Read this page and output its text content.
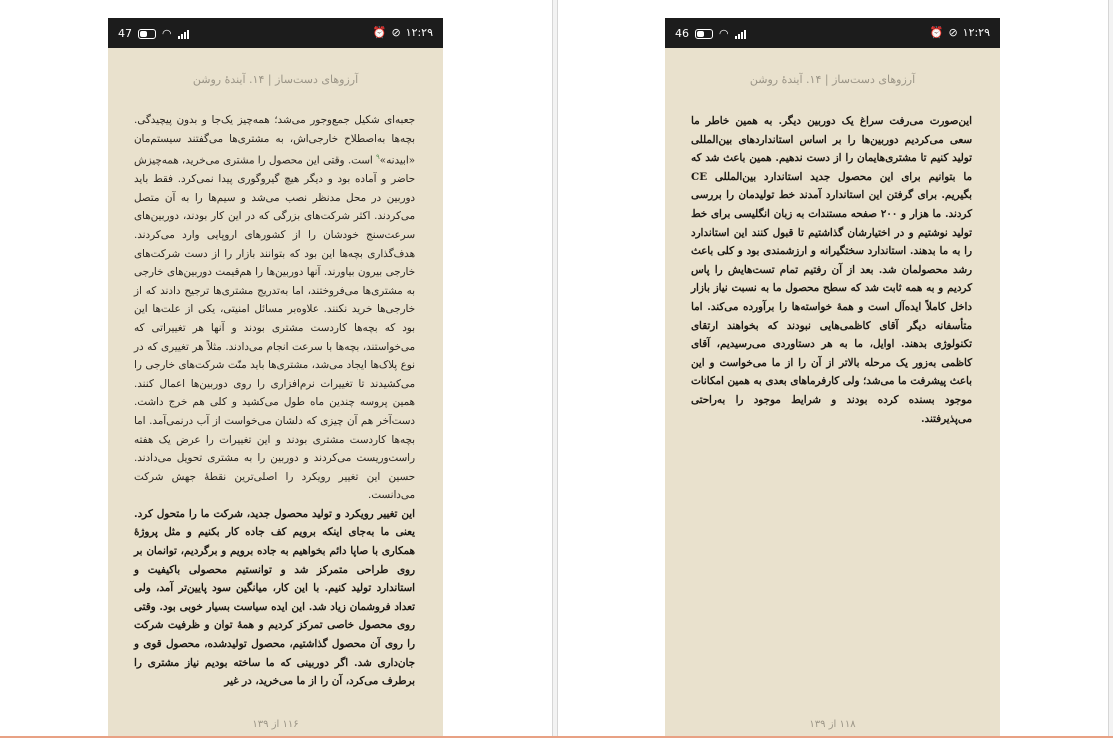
47	◠	⏰ ⊘ ۱۲:۲۹
آرزوهای دست‌ساز | ۱۴. آینده‌ٔ روشن

جعبه‌ای شکیل جمع‌وجور می‌شد؛ همه‌چیز یک‌جا و بدون پیچیدگی. بچه‌ها به‌اصطلاح خارجی‌اش، به مشتری‌ها می‌گفتند سیستم‌مان «ابیدنه»$^۹$ است. وقتی این محصول را مشتری می‌خرید، همه‌چیزش حاضر و آماده بود و دیگر هیچ گیروگوری پیدا نمی‌کرد. فقط باید دوربین در محل مدنظر نصب می‌شد و سیم‌ها را به آن متصل می‌کردند. اکثر شرکت‌های بزرگی که در این کار بودند، دوربین‌های سرعت‌سنج خودشان را از کشورهای اروپایی وارد می‌کردند. هدف‌گذاری بچه‌ها این بود که بتوانند بازار را از دست شرکت‌های خارجی بیرون بیاورند. آنها دوربین‌ها را هم‌قیمت دوربین‌های خارجی به مشتری‌ها می‌فروختند، اما به‌تدریج مشتری‌ها ترجیح دادند که از خارجی‌ها خرید نکنند. علاوه‌بر مسائل امنیتی، یکی از علت‌ها این بود که بچه‌ها کاردست مشتری بودند و آنها هر تغییراتی که می‌خواستند، بچه‌ها با سرعت انجام می‌دادند. مثلاً هر تغییری که در نوع پلاک‌ها ایجاد می‌شد، مشتری‌ها باید منّت شرکت‌های خارجی را می‌کشیدند تا تغییرات نرم‌افزاری را روی دوربین‌ها اعمال کنند. همین پروسه چندین ماه طول می‌کشید و کلی هم خرج داشت. دست‌آخر هم آن چیزی که دلشان می‌خواست از آب درنمی‌آمد. اما بچه‌ها کاردست مشتری بودند و این تغییرات را عرض یک هفته راست‌وریست می‌کردند و دوربین را به مشتری تحویل می‌دادند. حسین این تغییر رویکرد را اصلی‌ترین نقطهٔ جهش شرکت می‌دانست.

این تغییر رویکرد و تولید محصول جدید، شرکت ما را متحول کرد. یعنی ما به‌جای اینکه برویم کف جاده کار بکنیم و مثل پروژهٔ همکاری با صاپا دائم بخواهیم به جاده برویم و برگردیم، توانمان بر روی طراحی متمرکز شد و توانستیم محصولی باکیفیت و استاندارد تولید کنیم. با این کار، میانگین سود پایین‌تر آمد، ولی تعداد فروشمان زیاد شد. این ایده سیاست بسیار خوبی بود. وقتی روی محصول خاصی تمرکز کردیم و همهٔ توان و ظرفیت شرکت را روی آن محصول گذاشتیم، محصول تولیدشده، محصول قوی و جان‌داری شد. اگر دوربینی که ما ساخته بودیم نیاز مشتری را برطرف می‌کرد، آن را از ما می‌خرید، در غیر

۱۱۶ از ۱۳۹
46	◠	⏰ ⊘ ۱۲:۲۹
آرزوهای دست‌ساز | ۱۴. آینده‌ٔ روشن

این‌صورت می‌رفت سراغ یک دوربین دیگر. به همین خاطر ما سعی می‌کردیم دوربین‌ها را بر اساس استانداردهای بین‌المللی تولید کنیم تا مشتری‌هایمان را از دست ندهیم. همین باعث شد که ما بتوانیم برای این محصول جدید استاندارد بین‌المللی CE بگیریم. برای گرفتن این استاندارد آمدند خط تولیدمان را بررسی کردند. ما هزار و ۲۰۰ صفحه مستندات به زبان انگلیسی برای خط تولید نوشتیم و در اختیارشان گذاشتیم تا قبول کنند این استاندارد را به ما بدهند. استاندارد سختگیرانه و ارزشمندی بود و کلی باعث رشد محصولمان شد. بعد از آن رفتیم تمام تست‌هایش را پاس کردیم و به همه ثابت شد که سطح محصول ما به نسبت نیاز بازار داخل کاملاً ایده‌آل است و همهٔ خواسته‌ها را برآورده می‌کند. اما متأسفانه دیگر آقای کاظمی‌هایی نبودند که بخواهند ارتقای تکنولوژی بدهند. اوایل، ما به هر دستاوردی می‌رسیدیم، آقای کاظمی به‌زور یک مرحله بالاتر از آن را از ما می‌خواست و این باعث پیشرفت ما می‌شد؛ ولی کارفرماهای بعدی به همین امکانات موجود بسنده کرده بودند و شرایط موجود را به‌راحتی می‌پذیرفتند.

۱۱۸ از ۱۳۹
